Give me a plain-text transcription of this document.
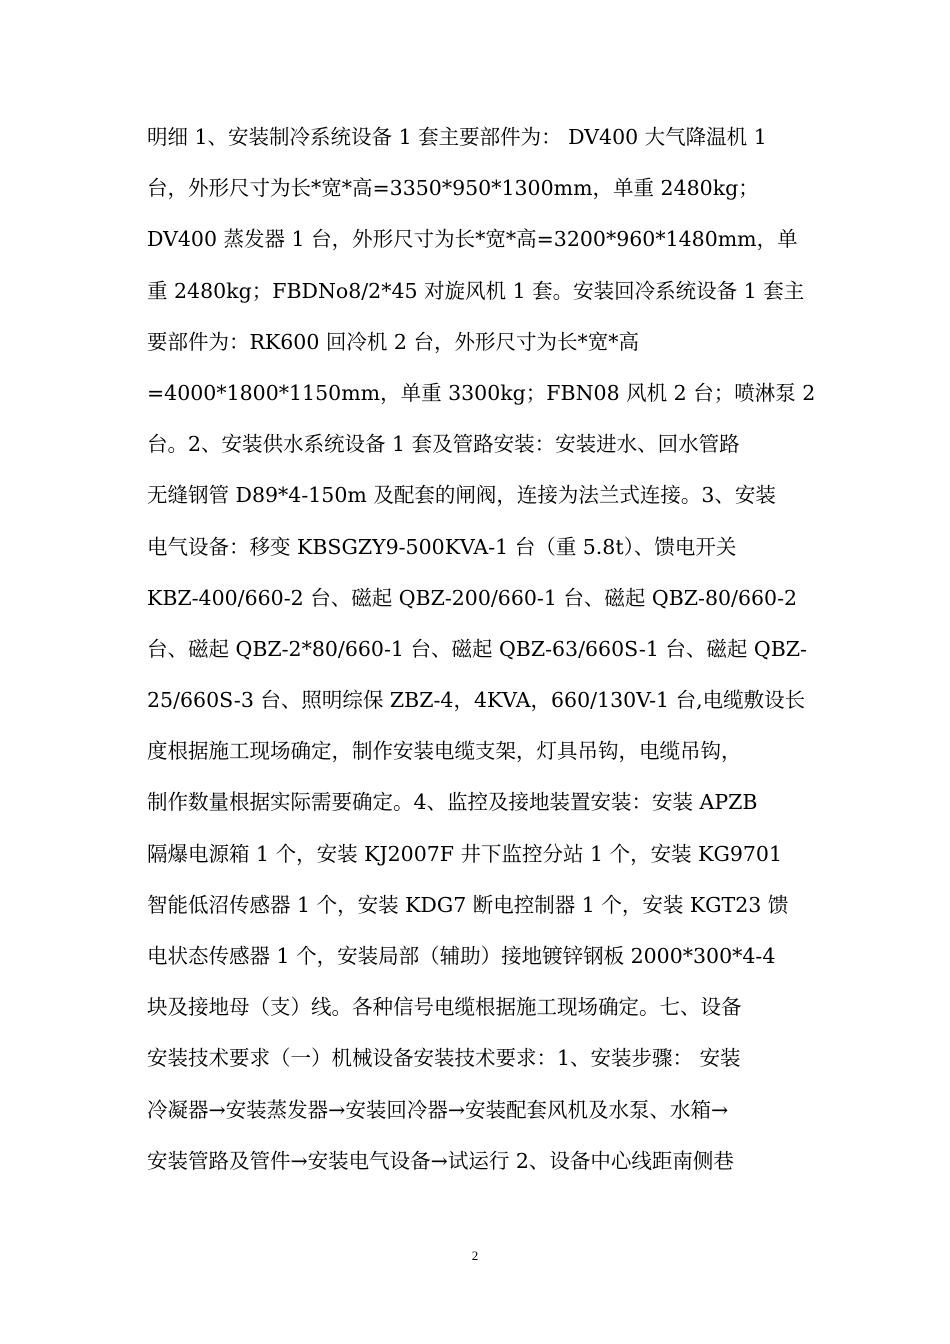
明细 1、安装制冷系统设备 1 套主要部件为： DV400 大气降温机 1
台，外形尺寸为长*宽*高=3350*950*1300mm，单重 2480kg；
DV400 蒸发器 1 台，外形尺寸为长*宽*高=3200*960*1480mm，单
重 2480kg；FBDNo8/2*45 对旋风机 1 套。安装回冷系统设备 1 套主
要部件为：RK600 回冷机 2 台，外形尺寸为长*宽*高
=4000*1800*1150mm，单重 3300kg；FBN08 风机 2 台；喷淋泵 2
台。2、安装供水系统设备 1 套及管路安装：安装进水、回水管路
无缝钢管 D89*4-150m 及配套的闸阀，连接为法兰式连接。3、安装
电气设备：移变 KBSGZY9-500KVA-1 台（重 5.8t）、馈电开关
KBZ-400/660-2 台、磁起 QBZ-200/660-1 台、磁起 QBZ-80/660-2
台、磁起 QBZ-2*80/660-1 台、磁起 QBZ-63/660S-1 台、磁起 QBZ-
25/660S-3 台、照明综保 ZBZ-4，4KVA，660/130V-1 台,电缆敷设长
度根据施工现场确定，制作安装电缆支架，灯具吊钩，电缆吊钩，
制作数量根据实际需要确定。4、监控及接地装置安装：安装 APZB
隔爆电源箱 1 个，安装 KJ2007F 井下监控分站 1 个，安装 KG9701
智能低沼传感器 1 个，安装 KDG7 断电控制器 1 个，安装 KGT23 馈
电状态传感器 1 个，安装局部（辅助）接地镀锌钢板 2000*300*4-4
块及接地母（支）线。各种信号电缆根据施工现场确定。七、设备
安装技术要求（一）机械设备安装技术要求：1、安装步骤： 安装
冷凝器→安装蒸发器→安装回冷器→安装配套风机及水泵、水箱→
安装管路及管件→安装电气设备→试运行 2、设备中心线距南侧巷
2
